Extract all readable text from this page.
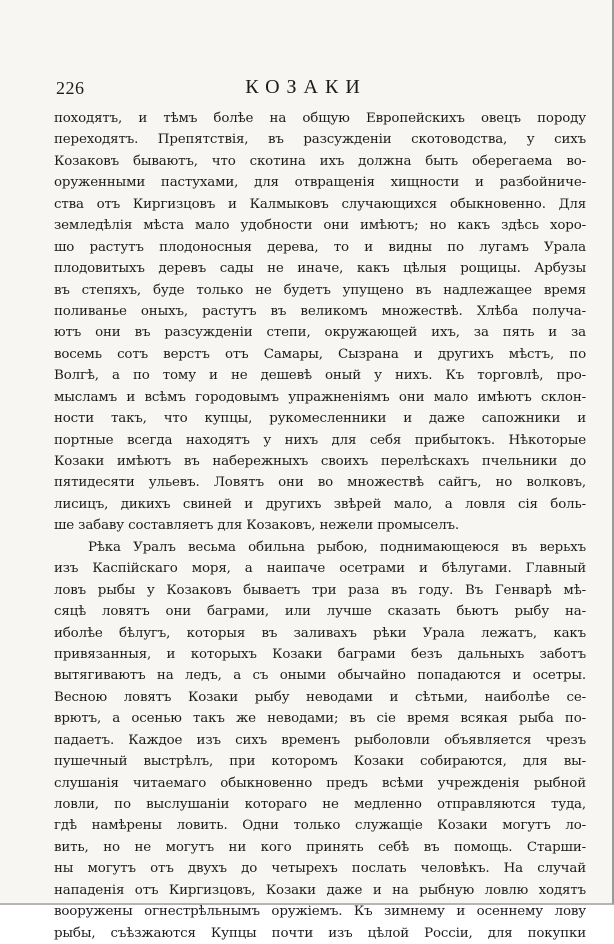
226	КОЗАКИ
походятъ, и тѣмъ болѣе на общую Европейскихъ овецъ породу
переходятъ. Препятствія, въ разсужденіи скотоводства, у сихъ
Козаковъ бываютъ, что скотина ихъ должна быть оберегаема во-
оруженными пастухами, для отвращенія хищности и разбойниче-
ства отъ Киргизцовъ и Калмыковъ случающихся обыкновенно. Для
земледѣлія мѣста мало удобности они имѣютъ; но какъ здѣсь хоро-
шо растутъ плодоносныя дерева, то и видны по лугамъ Урала
плодовитыхъ деревъ сады не иначе, какъ цѣлыя рощицы. Арбузы
въ степяхъ, буде только не будетъ упущено въ надлежащее время
поливанье оныхъ, растутъ въ великомъ множествѣ. Хлѣба получа-
ютъ они въ разсужденіи степи, окружающей ихъ, за пять и за
восемь сотъ верстъ отъ Самары, Сызрана и другихъ мѣстъ, по
Волгѣ, а по тому и не дешевѣ оный у нихъ. Къ торговлѣ, про-
мысламъ и всѣмъ городовымъ упражненіямъ они мало имѣютъ склон-
ности такъ, что купцы, рукомесленники и даже сапожники и
портные всегда находятъ у нихъ для себя прибытокъ. Нѣкоторые
Козаки имѣютъ въ набережныхъ своихъ перелѣскахъ пчельники до
пятидесяти ульевъ. Ловятъ они во множествѣ сайгъ, но волковъ,
лисицъ, дикихъ свиней и другихъ звѣрей мало, а ловля сія боль-
ше забаву составляетъ для Козаковъ, нежели промыселъ.
Рѣка Уралъ весьма обильна рыбою, поднимающеюся въ верьхъ
изъ Каспійскаго моря, а наипаче осетрами и бѣлугами. Главный
ловъ рыбы у Козаковъ бываетъ три раза въ году. Въ Генварѣ мѣ-
сяцѣ ловятъ они баграми, или лучше сказать бьютъ рыбу на-
иболѣе бѣлугъ, которыя въ заливахъ рѣки Урала лежатъ, какъ
привязанныя, и которыхъ Козаки баграми безъ дальныхъ заботъ
вытягиваютъ на ледъ, а съ оными обычайно попадаются и осетры.
Весною ловятъ Козаки рыбу неводами и сѣтьми, наиболѣе се-
врютъ, а осенью такъ же неводами; въ сіе время всякая рыба по-
падаетъ. Каждое изъ сихъ временъ рыболовли объявляется чрезъ
пушечный выстрѣлъ, при которомъ Козаки собираются, для вы-
слушанія читаемаго обыкновенно предъ всѣми учрежденія рыбной
ловли, по выслушаніи котораго не медленно отправляются туда,
гдѣ намѣрены ловить. Одни только служащіе Козаки могутъ ло-
вить, но не могутъ ни кого принять себѣ въ помощь. Старши-
ны могутъ отъ двухъ до четырехъ послать человѣкъ. На случай
нападенія отъ Киргизцовъ, Козаки даже и на рыбную ловлю ходятъ
вооружены огнестрѣльнымъ оружіемъ. Къ зимнему и осеннему лову
рыбы, съѣзжаются Купцы почти изъ цѣлой Россіи, для покупки
